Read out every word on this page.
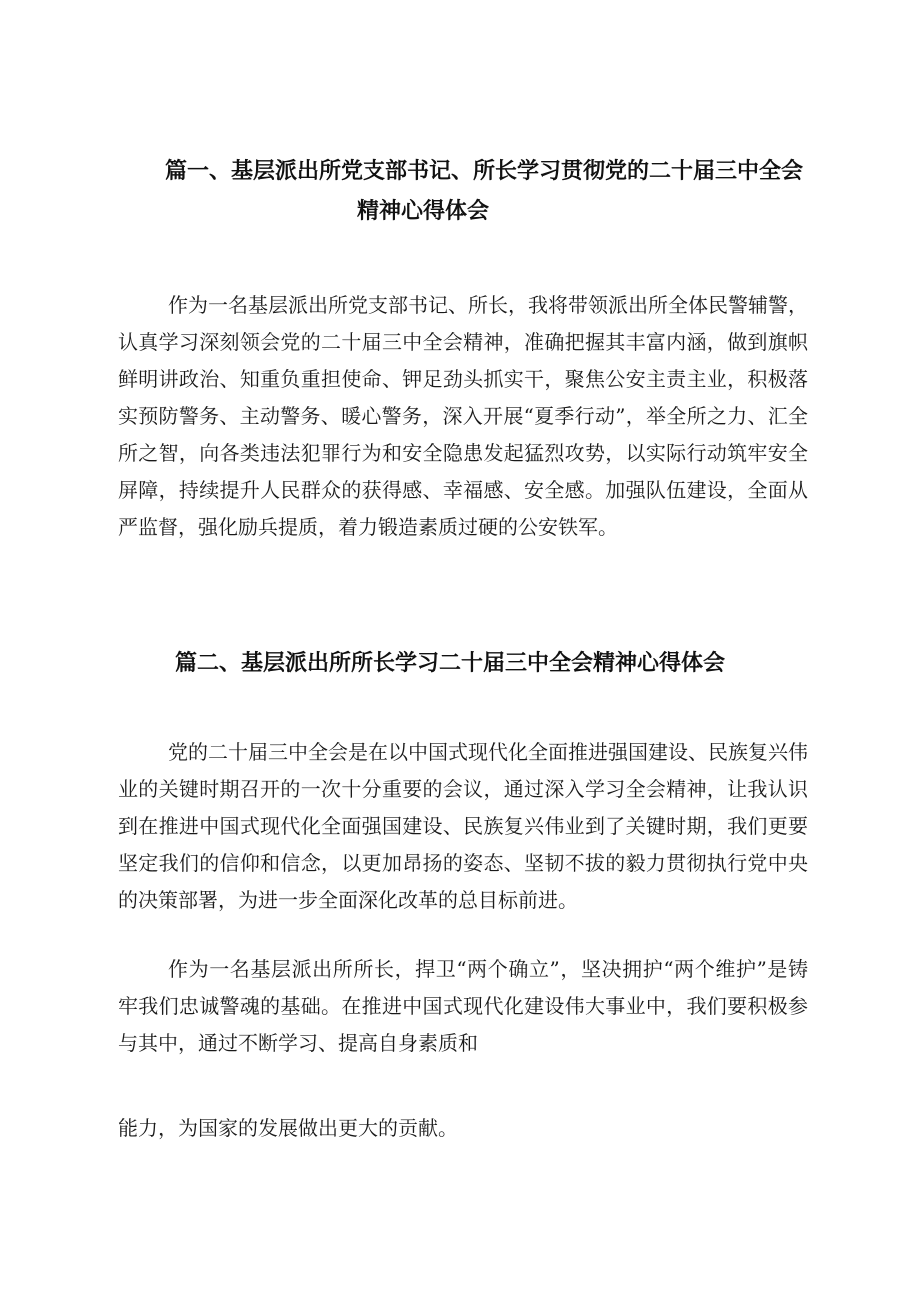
篇一、基层派出所党支部书记、所长学习贯彻党的二十届三中全会
精神心得体会

作为一名基层派出所党支部书记、所长，我将带领派出所全体民警辅警，认真学习深刻领会党的二十届三中全会精神，准确把握其丰富内涵，做到旗帜鲜明讲政治、知重负重担使命、钾足劲头抓实干，聚焦公安主责主业，积极落实预防警务、主动警务、暖心警务，深入开展“夏季行动”，举全所之力、汇全所之智，向各类违法犯罪行为和安全隐患发起猛烈攻势，以实际行动筑牢安全屏障，持续提升人民群众的获得感、幸福感、安全感。加强队伍建设，全面从严监督，强化励兵提质，着力锻造素质过硬的公安铁军。

篇二、基层派出所所长学习二十届三中全会精神心得体会

党的二十届三中全会是在以中国式现代化全面推进强国建设、民族复兴伟业的关键时期召开的一次十分重要的会议，通过深入学习全会精神，让我认识到在推进中国式现代化全面强国建设、民族复兴伟业到了关键时期，我们更要坚定我们的信仰和信念，以更加昂扬的姿态、坚韧不拔的毅力贯彻执行党中央的决策部署，为进一步全面深化改革的总目标前进。

作为一名基层派出所所长，捍卫“两个确立”，坚决拥护“两个维护”是铸牢我们忠诚警魂的基础。在推进中国式现代化建设伟大事业中，我们要积极参与其中，通过不断学习、提高自身素质和

能力，为国家的发展做出更大的贡献。
